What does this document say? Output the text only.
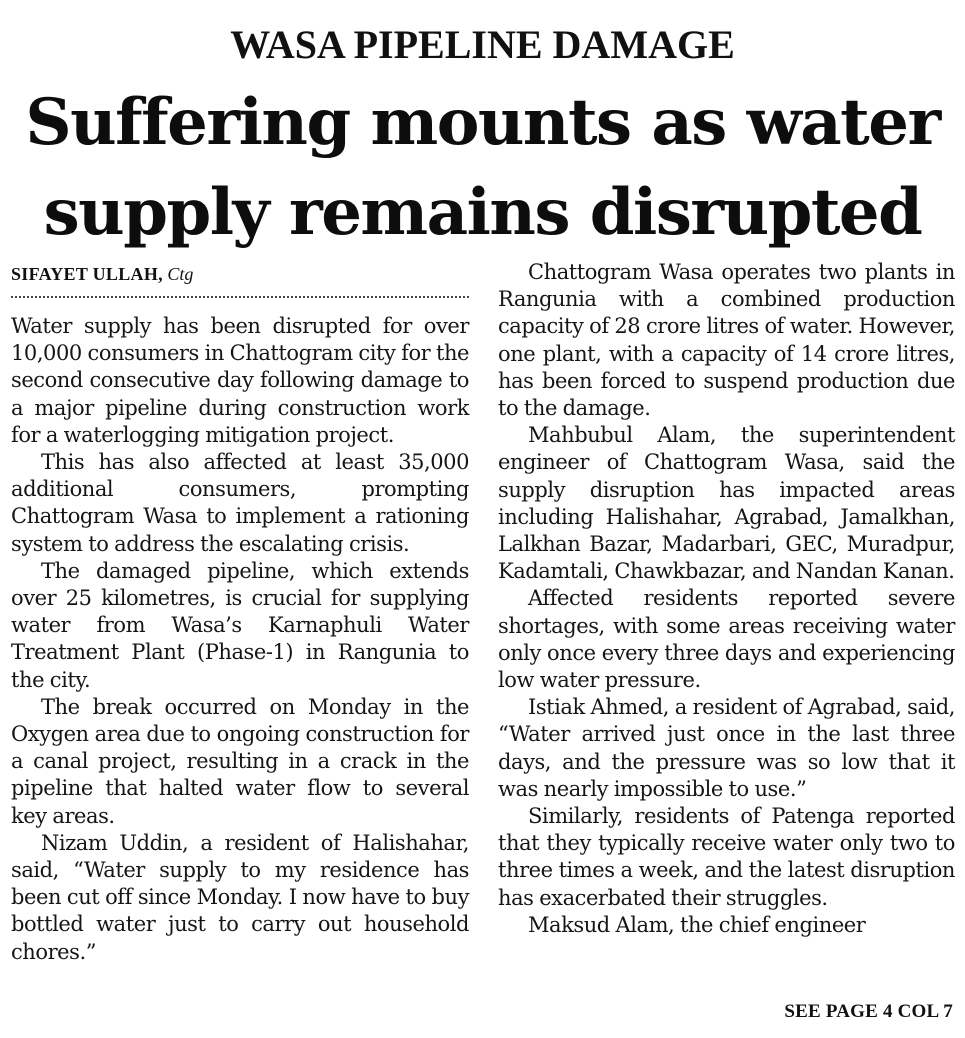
WASA PIPELINE DAMAGE
Suffering mounts as water supply remains disrupted
SIFAYET ULLAH, Ctg

Water supply has been disrupted for over 10,000 consumers in Chattogram city for the second consecutive day following damage to a major pipeline during construction work for a waterlogging mitigation project.

This has also affected at least 35,000 additional consumers, prompting Chattogram Wasa to implement a rationing system to address the escalating crisis.

The damaged pipeline, which extends over 25 kilometres, is crucial for supplying water from Wasa’s Karnaphuli Water Treatment Plant (Phase-1) in Rangunia to the city.

The break occurred on Monday in the Oxygen area due to ongoing construction for a canal project, resulting in a crack in the pipeline that halted water flow to several key areas.

Nizam Uddin, a resident of Halishahar, said, “Water supply to my residence has been cut off since Monday. I now have to buy bottled water just to carry out household chores.”

Chattogram Wasa operates two plants in Rangunia with a combined production capacity of 28 crore litres of water. However, one plant, with a capacity of 14 crore litres, has been forced to suspend production due to the damage.

Mahbubul Alam, the superintendent engineer of Chattogram Wasa, said the supply disruption has impacted areas including Halishahar, Agrabad, Jamalkhan, Lalkhan Bazar, Madarbari, GEC, Muradpur, Kadamtali, Chawkbazar, and Nandan Kanan.

Affected residents reported severe shortages, with some areas receiving water only once every three days and experiencing low water pressure.

Istiak Ahmed, a resident of Agrabad, said, “Water arrived just once in the last three days, and the pressure was so low that it was nearly impossible to use.”

Similarly, residents of Patenga reported that they typically receive water only two to three times a week, and the latest disruption has exacerbated their struggles.

Maksud Alam, the chief engineer

SEE PAGE 4 COL 7
